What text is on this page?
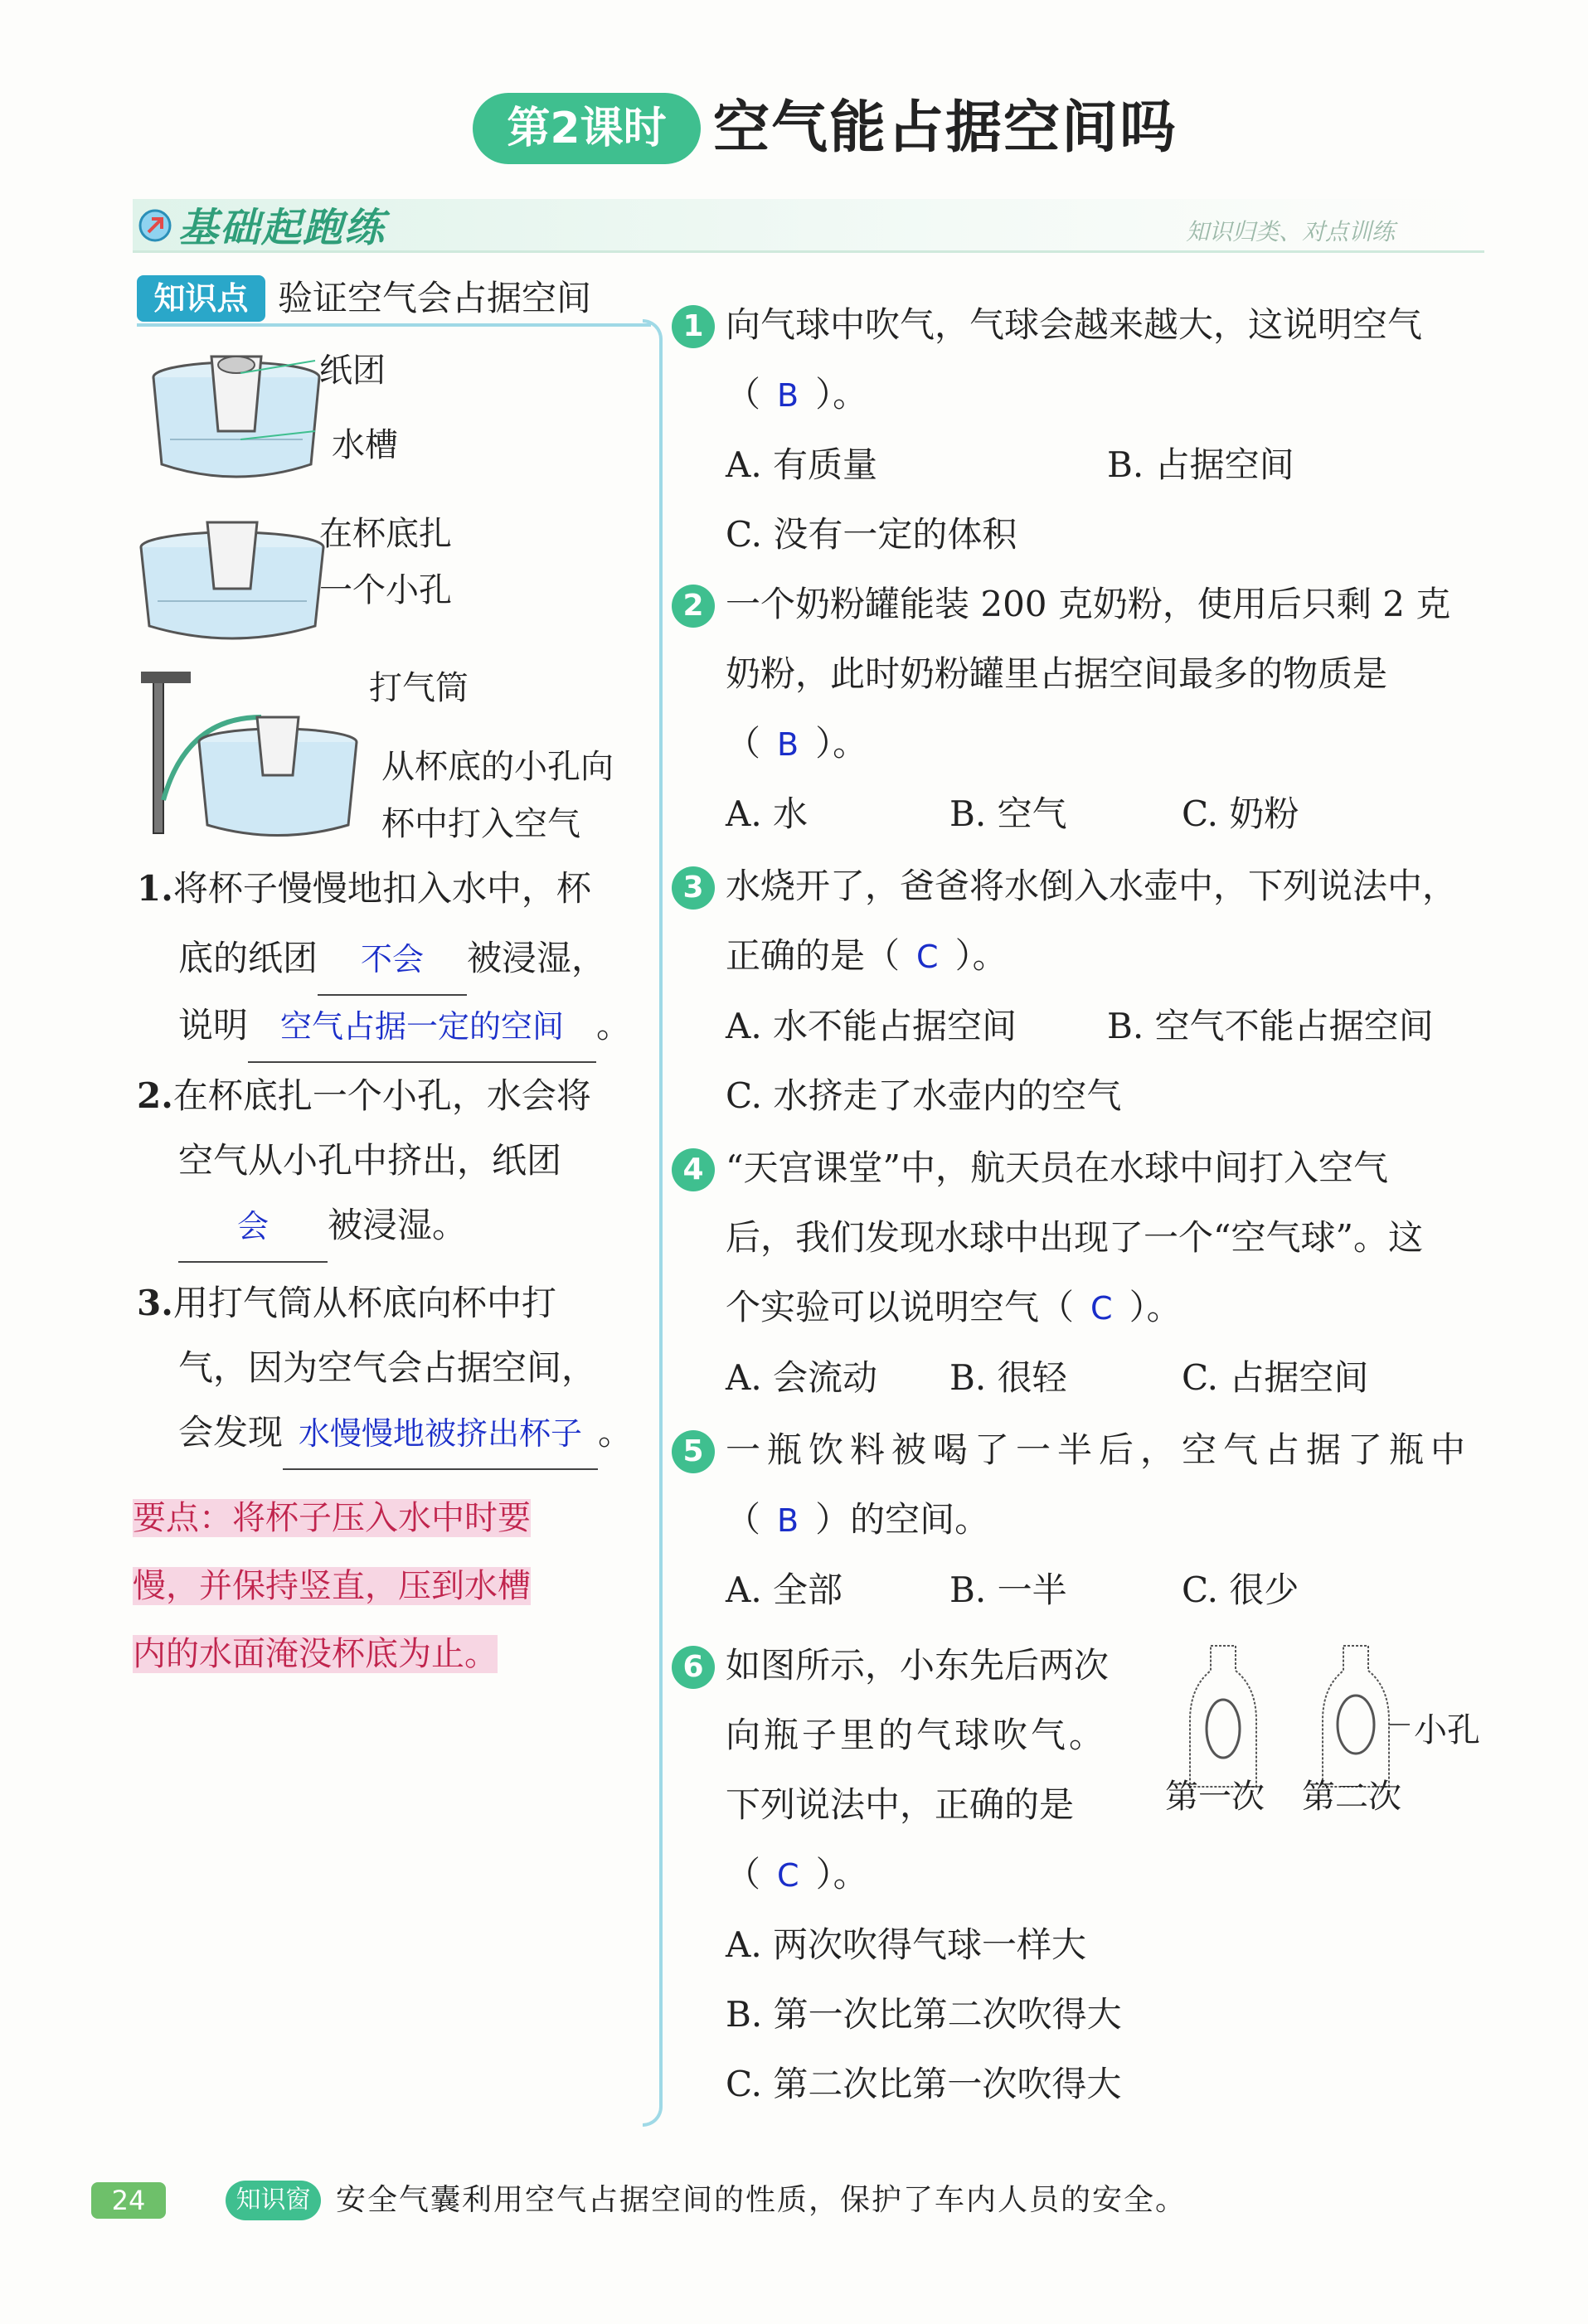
第2课时 空气能占据空间吗
基础起跑练	知识归类、对点训练
知识点 验证空气会占据空间
纸团
水槽
在杯底扎
一个小孔
打气筒
从杯底的小孔向
杯中打入空气
1.将杯子慢慢地扣入水中，杯
底的纸团 不会 被浸湿，
说明 空气占据一定的空间 。
2.在杯底扎一个小孔，水会将
空气从小孔中挤出，纸团
会 被浸湿。
3.用打气筒从杯底向杯中打
气，因为空气会占据空间，
会发现 水慢慢地被挤出杯子 。
要点：将杯子压入水中时要
慢，并保持竖直，压到水槽
内的水面淹没杯底为止。
1 向气球中吹气，气球会越来越大，这说明空气
（ B ）。
A. 有质量	B. 占据空间
C. 没有一定的体积
2 一个奶粉罐能装 200 克奶粉，使用后只剩 2 克
奶粉，此时奶粉罐里占据空间最多的物质是
（ B ）。
A. 水	B. 空气	C. 奶粉
3 水烧开了，爸爸将水倒入水壶中，下列说法中，
正确的是（ C ）。
A. 水不能占据空间	B. 空气不能占据空间
C. 水挤走了水壶内的空气
4 “天宫课堂”中，航天员在水球中间打入空气
后，我们发现水球中出现了一个“空气球”。这
个实验可以说明空气（ C ）。
A. 会流动 B. 很轻	C. 占据空间
5 一瓶饮料被喝了一半后，空气占据了瓶中
（ B ）的空间。
A. 全部	B. 一半	C. 很少
6 如图所示，小东先后两次
向瓶子里的气球吹气。
下列说法中，正确的是
（ C ）。
A. 两次吹得气球一样大
B. 第一次比第二次吹得大
C. 第二次比第一次吹得大
小孔
第一次 第二次
24	知识窗 安全气囊利用空气占据空间的性质，保护了车内人员的安全。
